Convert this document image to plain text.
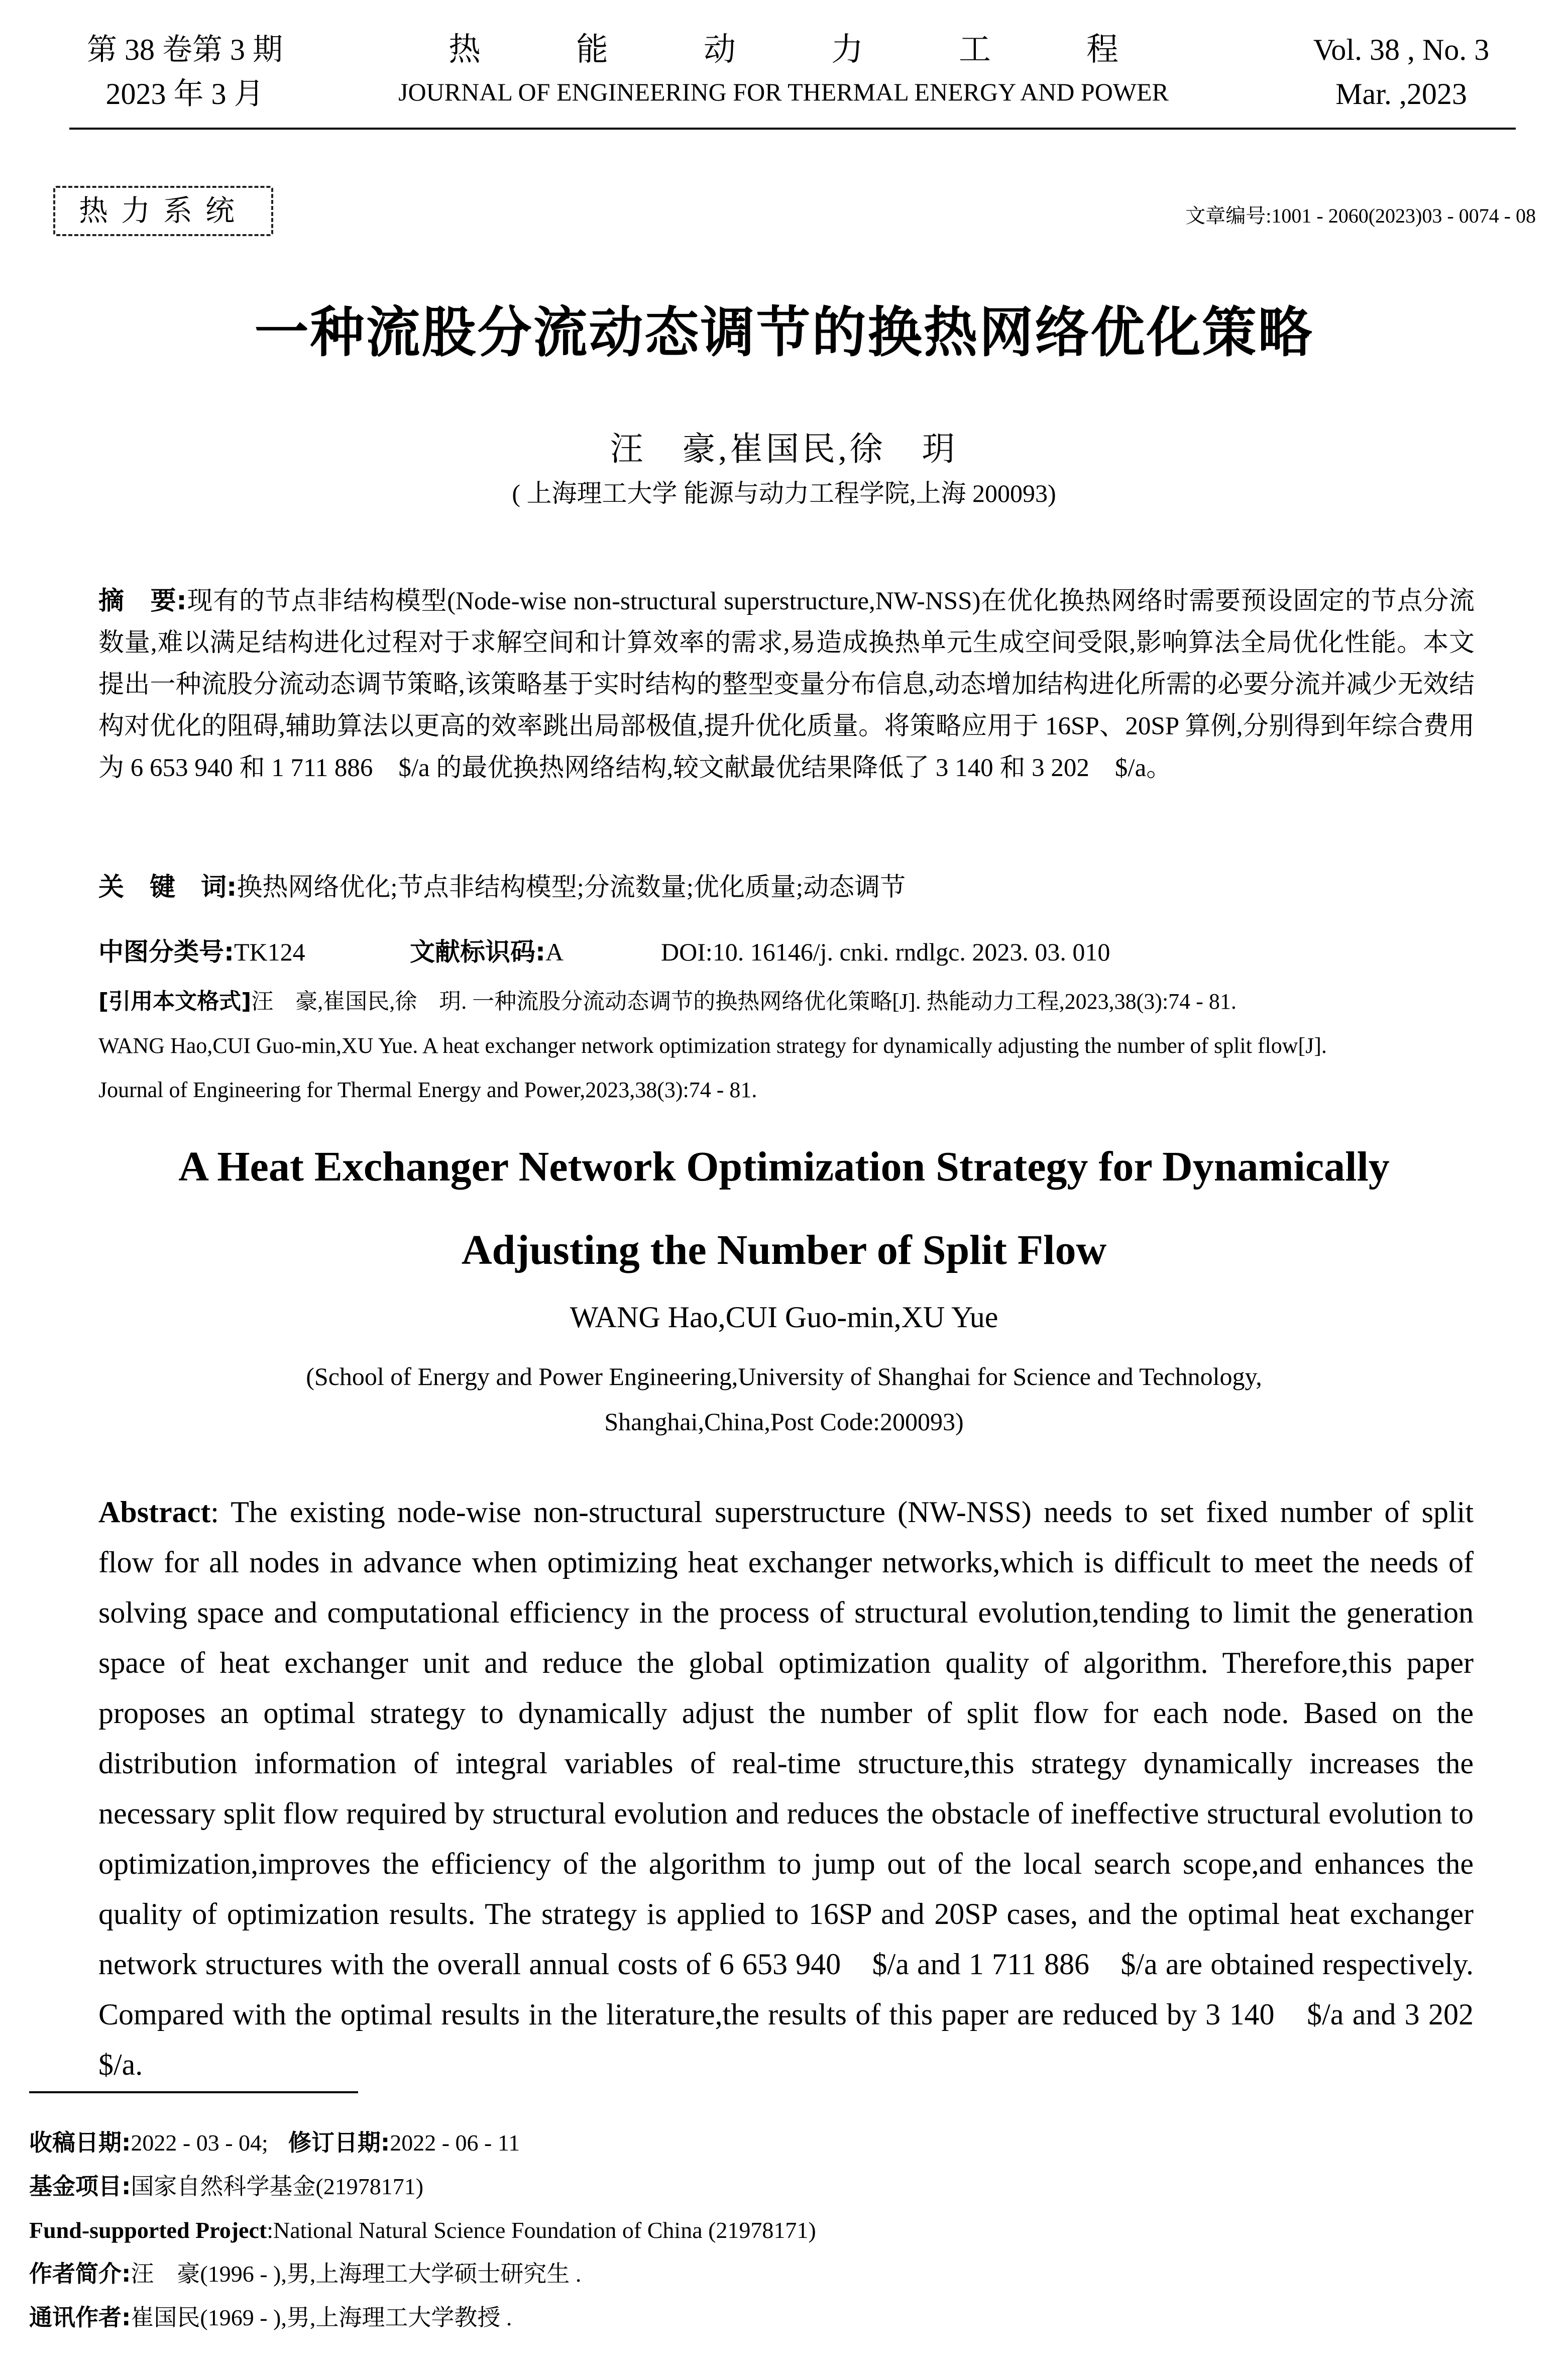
第 38 卷第 3 期
2023 年 3 月
热能动力工程
JOURNAL OF ENGINEERING FOR THERMAL ENERGY AND POWER
Vol. 38 , No. 3
Mar. ,2023
热力系统	文章编号:1001 - 2060(2023)03 - 0074 - 08
一种流股分流动态调节的换热网络优化策略
汪　豪,崔国民,徐　玥
( 上海理工大学 能源与动力工程学院,上海 200093)
摘　要:现有的节点非结构模型(Node-wise non-structural superstructure,NW-NSS)在优化换热网络时需要预设固定的节点分流数量,难以满足结构进化过程对于求解空间和计算效率的需求,易造成换热单元生成空间受限,影响算法全局优化性能。本文提出一种流股分流动态调节策略,该策略基于实时结构的整型变量分布信息,动态增加结构进化所需的必要分流并减少无效结构对优化的阻碍,辅助算法以更高的效率跳出局部极值,提升优化质量。将策略应用于 16SP、20SP 算例,分别得到年综合费用为 6 653 940 和 1 711 886　$/a 的最优换热网络结构,较文献最优结果降低了 3 140 和 3 202　$/a。
关　键　词:换热网络优化;节点非结构模型;分流数量;优化质量;动态调节
中图分类号:TK124	文献标识码:A	DOI:10. 16146/j. cnki. rndlgc. 2023. 03. 010
[引用本文格式]汪　豪,崔国民,徐　玥. 一种流股分流动态调节的换热网络优化策略[J]. 热能动力工程,2023,38(3):74 - 81.
WANG Hao,CUI Guo-min,XU Yue. A heat exchanger network optimization strategy for dynamically adjusting the number of split flow[J].
Journal of Engineering for Thermal Energy and Power,2023,38(3):74 - 81.
A Heat Exchanger Network Optimization Strategy for Dynamically
Adjusting the Number of Split Flow
WANG Hao,CUI Guo-min,XU Yue
(School of Energy and Power Engineering,University of Shanghai for Science and Technology,
Shanghai,China,Post Code:200093)
Abstract: The existing node-wise non-structural superstructure (NW-NSS) needs to set fixed number of split flow for all nodes in advance when optimizing heat exchanger networks,which is difficult to meet the needs of solving space and computational efficiency in the process of structural evolution,tending to limit the generation space of heat exchanger unit and reduce the global optimization quality of algorithm. Therefore,this paper proposes an optimal strategy to dynamically adjust the number of split flow for each node. Based on the distribution information of integral variables of real-time structure,this strategy dynamically increases the necessary split flow required by structural evolution and reduces the obstacle of ineffective structural evolution to optimization,improves the efficiency of the algorithm to jump out of the local search scope,and enhances the quality of optimization results. The strategy is applied to 16SP and 20SP cases, and the optimal heat exchanger network structures with the overall annual costs of 6 653 940　$/a and 1 711 886　$/a are obtained respectively. Compared with the optimal results in the literature,the results of this paper are reduced by 3 140　$/a and 3 202　$/a.
收稿日期:2022 - 03 - 04; 修订日期:2022 - 06 - 11
基金项目:国家自然科学基金(21978171)
Fund-supported Project:National Natural Science Foundation of China (21978171)
作者简介:汪　豪(1996 - ),男,上海理工大学硕士研究生 .
通讯作者:崔国民(1969 - ),男,上海理工大学教授 .
